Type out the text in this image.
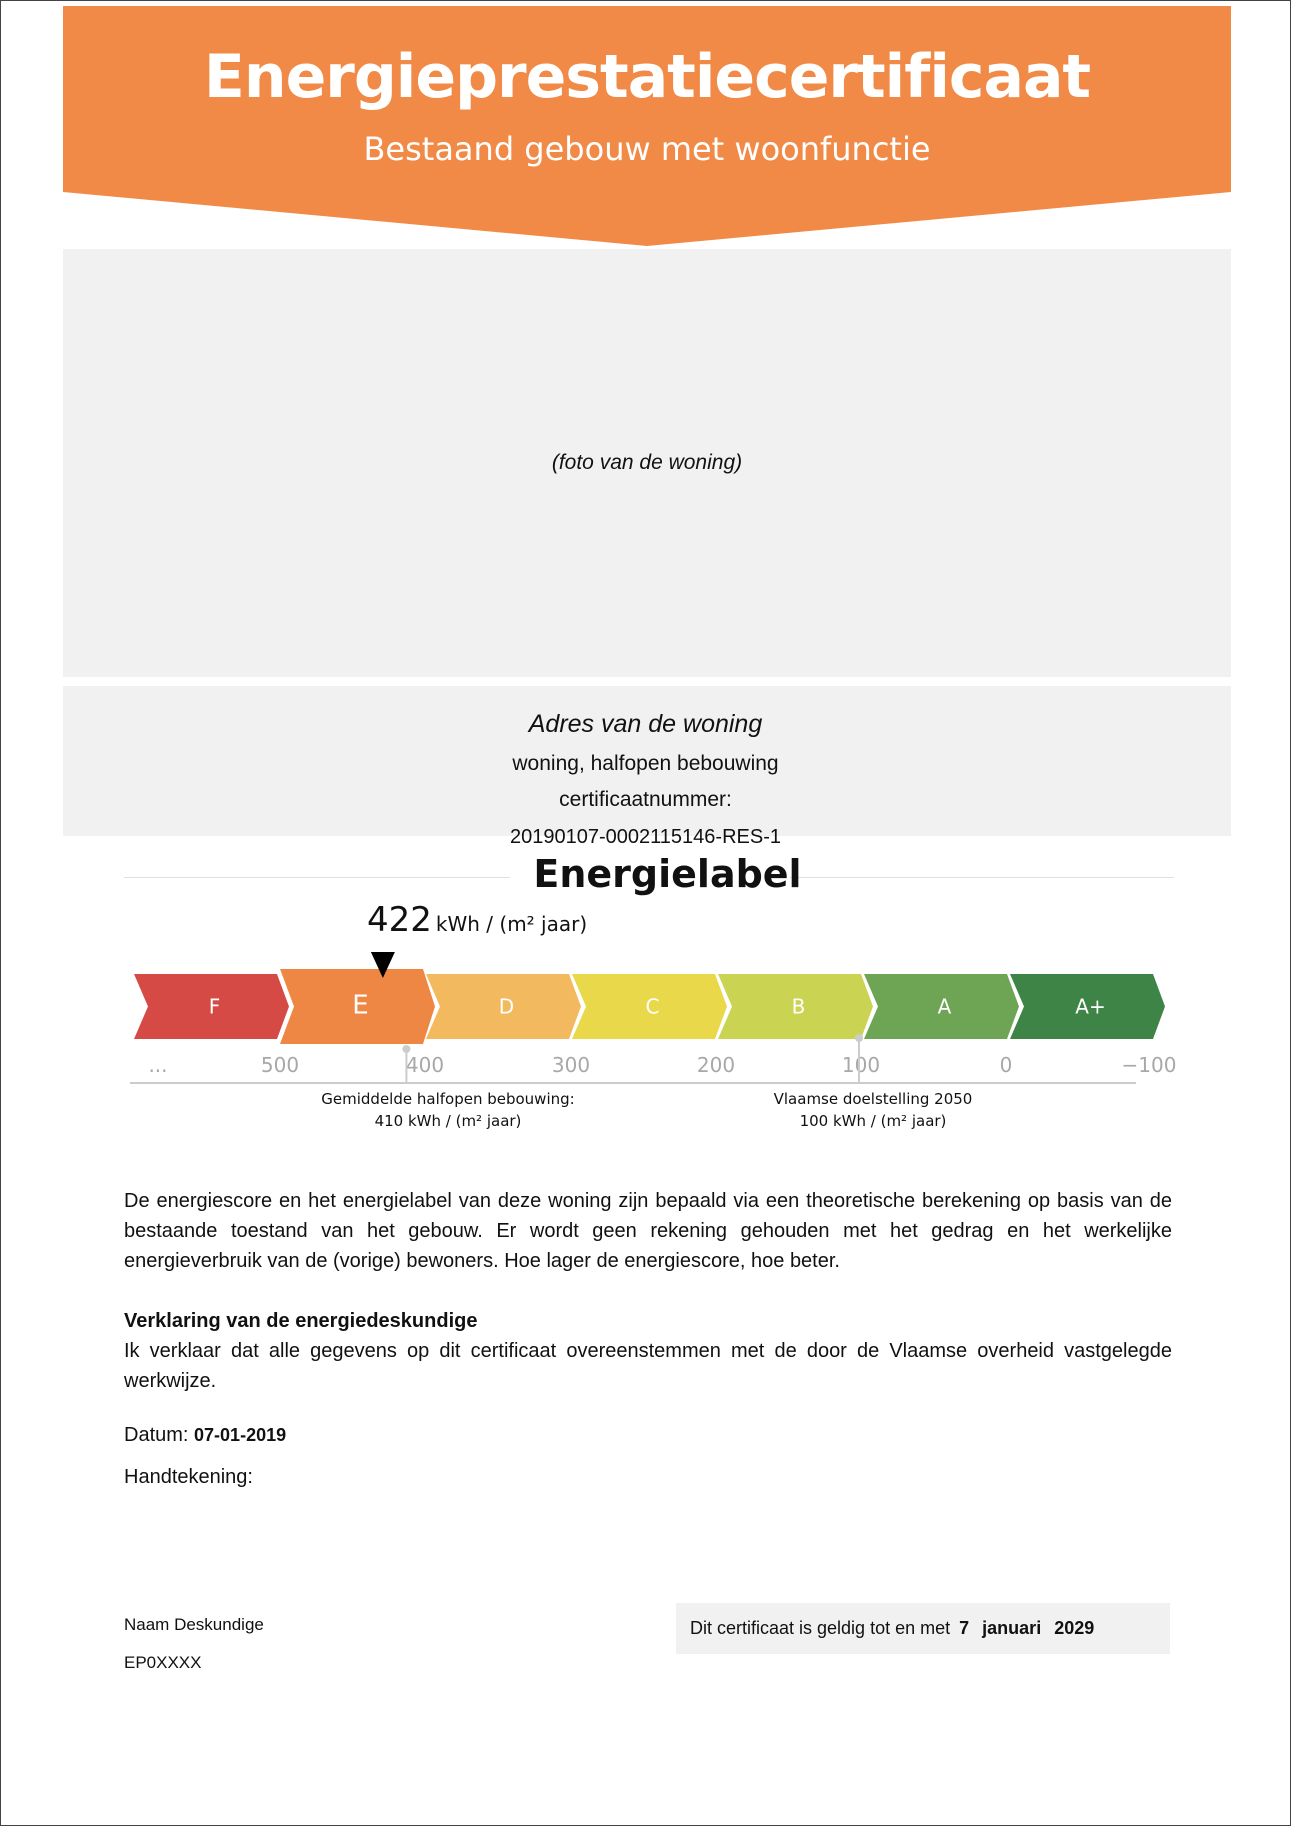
Energieprestatiecertificaat
Bestaand gebouw met woonfunctie
(foto van de woning)
Adres van de woning
woning, halfopen bebouwing
certificaatnummer:
20190107-0002115146-RES-1
Energielabel
422 kWh / (m² jaar)
F	E	D	C	B	A	A+
...	500	400	300	200	100	0	−100
Gemiddelde halfopen bebouwing:
410 kWh / (m² jaar)
Vlaamse doelstelling 2050
100 kWh / (m² jaar)
De energiescore en het energielabel van deze woning zijn bepaald via een theoretische berekening op basis van de bestaande toestand van het gebouw. Er wordt geen rekening gehouden met het gedrag en het werkelijke energieverbruik van de (vorige) bewoners. Hoe lager de energiescore, hoe beter.
Verklaring van de energiedeskundige
Ik verklaar dat alle gegevens op dit certificaat overeenstemmen met de door de Vlaamse overheid vastgelegde werkwijze.
Datum: 07-01-2019
Handtekening:
Naam Deskundige
EP0XXXX
Dit certificaat is geldig tot en met 7 januari 2029
